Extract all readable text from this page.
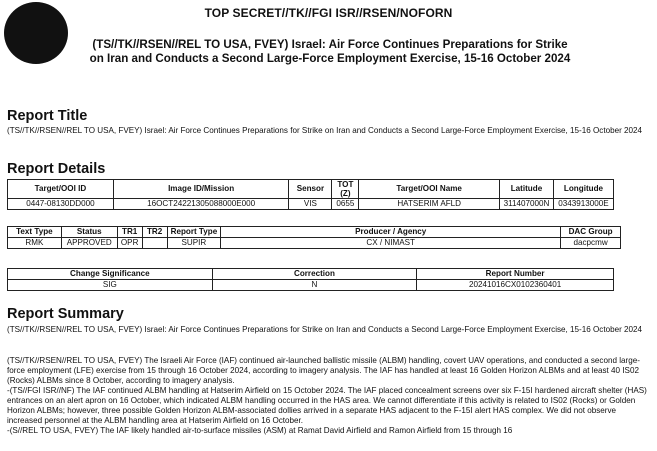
TOP SECRET//TK//FGI ISR//RSEN/NOFORN
(TS//TK//RSEN//REL TO USA, FVEY) Israel: Air Force Continues Preparations for Strike
on Iran and Conducts a Second Large-Force Employment Exercise, 15-16 October 2024
Report Title

(TS//TK//RSEN//REL TO USA, FVEY) Israel: Air Force Continues Preparations for Strike on Iran and Conducts a Second Large-Force Employment Exercise, 15-16 October 2024

Report Details
Target/OOI ID	Image ID/Mission	Sensor	TOT (Z)	Target/OOI Name	Latitude	Longitude
0447-08130DD000	16OCT24221305088000E000	VIS	0655	HATSERIM AFLD	311407000N	0343913000E
Text Type	Status	TR1	TR2	Report Type	Producer / Agency	DAC Group
RMK	APPROVED	OPR		SUPIR	CX / NIMAST	dacpcmw
Change Significance	Correction	Report Number
SIG	N	20241016CX0102360401
Report Summary

(TS//TK//RSEN//REL TO USA, FVEY) Israel: Air Force Continues Preparations for Strike on Iran and Conducts a Second Large-Force Employment Exercise, 15-16 October 2024

(TS//TK//RSEN//REL TO USA, FVEY) The Israeli Air Force (IAF) continued air-launched ballistic missile (ALBM) handling, covert UAV operations, and conducted a second large-force employment (LFE) exercise from 15 through 16 October 2024, according to imagery analysis. The IAF has handled at least 16 Golden Horizon ALBMs and at least 40 IS02 (Rocks) ALBMs since 8 October, according to imagery analysis.

-(TS//FGI ISR//NF) The IAF continued ALBM handling at Hatserim Airfield on 15 October 2024. The IAF placed concealment screens over six F-15I hardened aircraft shelter (HAS) entrances on an alert apron on 16 October, which indicated ALBM handling occurred in the HAS area. We cannot differentiate if this activity is related to IS02 (Rocks) or Golden Horizon ALBMs; however, three possible Golden Horizon ALBM-associated dollies arrived in a separate HAS adjacent to the F-15I alert HAS complex. We did not observe increased personnel at the ALBM handling area at Hatserim Airfield on 16 October.

-(S//REL TO USA, FVEY) The IAF likely handled air-to-surface missiles (ASM) at Ramat David Airfield and Ramon Airfield from 15 through 16
